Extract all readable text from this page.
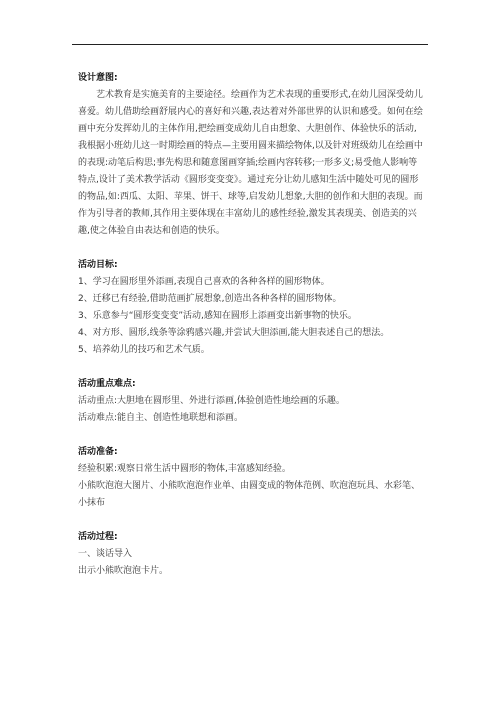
设计意图:

艺术教育是实施美育的主要途径。绘画作为艺术表现的重要形式,在幼儿园深受幼儿喜爱。幼儿借助绘画舒展内心的喜好和兴趣,表达着对外部世界的认识和感受。如何在绘画中充分发挥幼儿的主体作用,把绘画变成幼儿自由想象、大胆创作、体验快乐的活动,我根据小班幼儿这一时期绘画的特点—主要用圆来描绘物体,以及针对班级幼儿在绘画中的表现:动笔后构思;事先构思和随意图画穿插;绘画内容转移;一形多义;易受他人影响等特点,设计了美术教学活动《圆形变变变》。通过充分让幼儿感知生活中随处可见的圆形的物品,如:西瓜、太阳、苹果、饼干、球等,启发幼儿想象,大胆的创作和大胆的表现。而作为引导者的教师,其作用主要体现在丰富幼儿的感性经验,激发其表现美、创造美的兴趣,使之体验自由表达和创造的快乐。

活动目标:

1、学习在圆形里外添画,表现自己喜欢的各种各样的圆形物体。

2、迁移已有经验,借助范画扩展想象,创造出各种各样的圆形物体。

3、乐意参与“圆形变变变”活动,感知在圆形上添画变出新事物的快乐。

4、对方形、圆形,线条等涂鸦感兴趣,并尝试大胆添画,能大胆表述自己的想法。

5、培养幼儿的技巧和艺术气质。

活动重点难点:

活动重点:大胆地在圆形里、外进行添画,体验创造性地绘画的乐趣。

活动难点:能自主、创造性地联想和添画。

活动准备:

经验积累:观察日常生活中圆形的物体,丰富感知经验。

小熊吹泡泡大图片、小熊吹泡泡作业单、由圆变成的物体范例、吹泡泡玩具、水彩笔、小抹布

活动过程:

一、谈话导入

出示小熊吹泡泡卡片。
